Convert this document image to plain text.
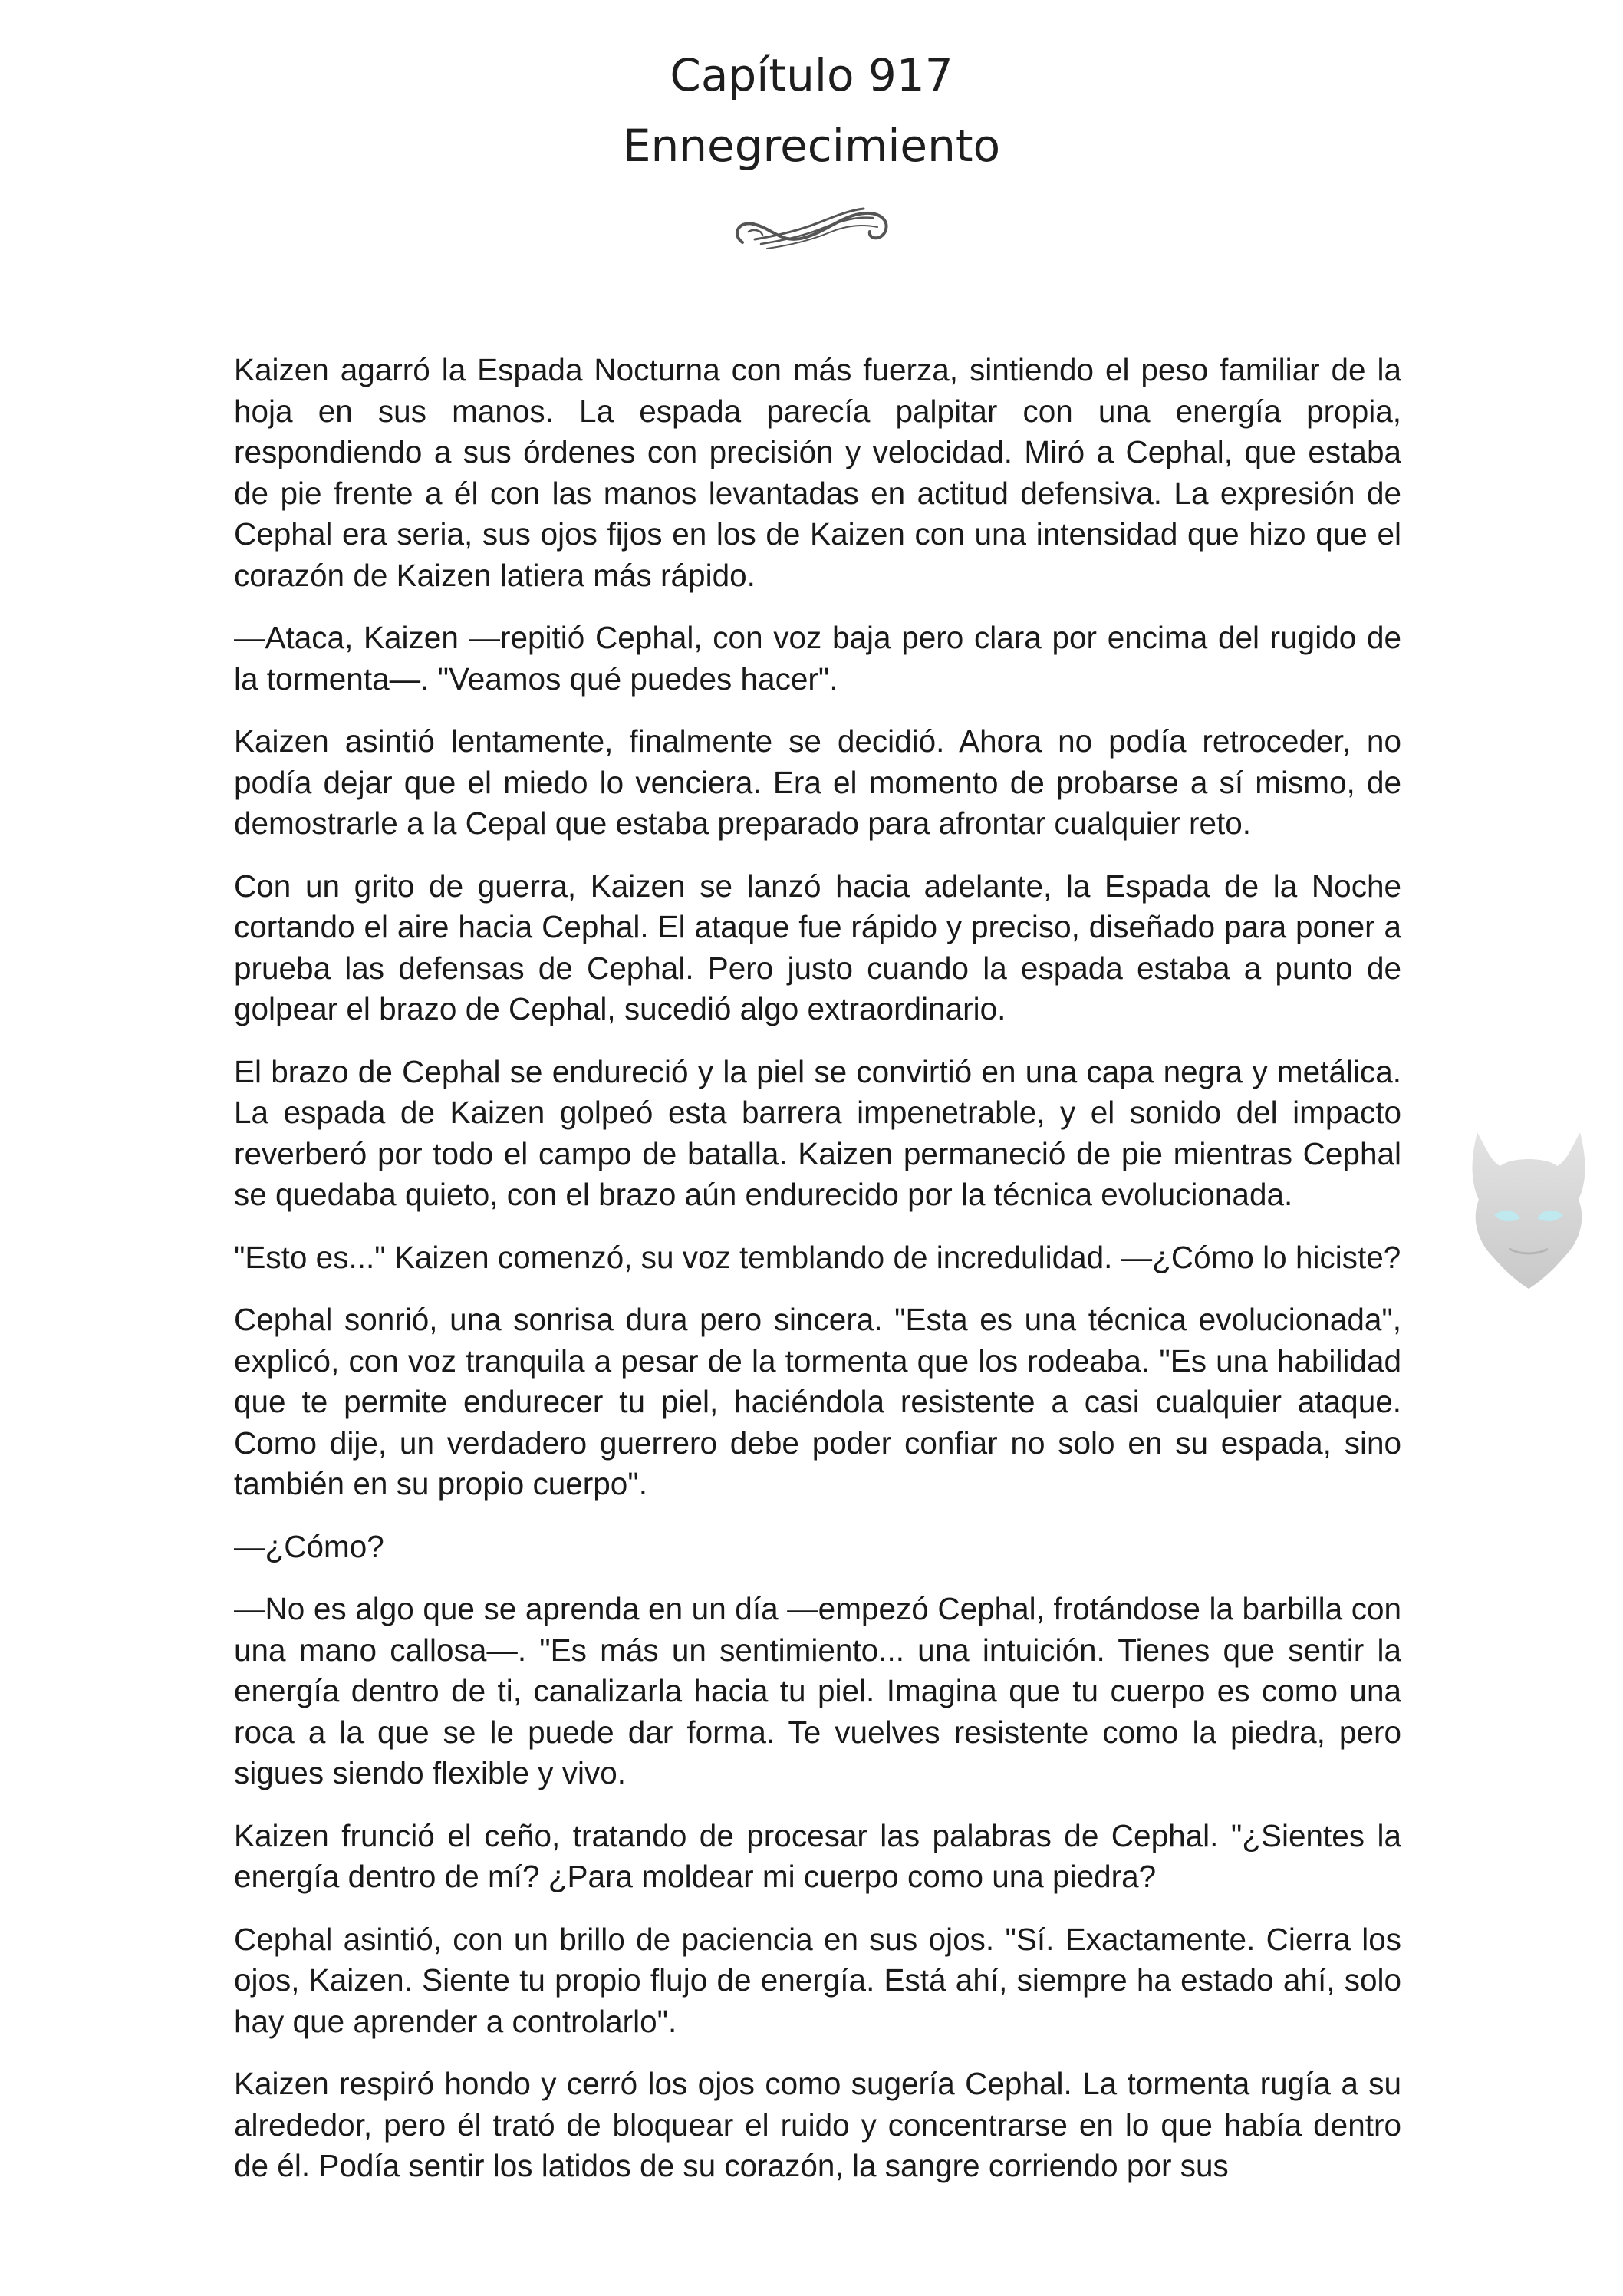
Capítulo 917
Ennegrecimiento

Kaizen agarró la Espada Nocturna con más fuerza, sintiendo el peso familiar de la hoja en sus manos. La espada parecía palpitar con una energía propia, respondiendo a sus órdenes con precisión y velocidad. Miró a Cephal, que estaba de pie frente a él con las manos levantadas en actitud defensiva. La expresión de Cephal era seria, sus ojos fijos en los de Kaizen con una intensidad que hizo que el corazón de Kaizen latiera más rápido.

—Ataca, Kaizen —repitió Cephal, con voz baja pero clara por encima del rugido de la tormenta—. "Veamos qué puedes hacer".

Kaizen asintió lentamente, finalmente se decidió. Ahora no podía retroceder, no podía dejar que el miedo lo venciera. Era el momento de probarse a sí mismo, de demostrarle a la Cepal que estaba preparado para afrontar cualquier reto.

Con un grito de guerra, Kaizen se lanzó hacia adelante, la Espada de la Noche cortando el aire hacia Cephal. El ataque fue rápido y preciso, diseñado para poner a prueba las defensas de Cephal. Pero justo cuando la espada estaba a punto de golpear el brazo de Cephal, sucedió algo extraordinario.

El brazo de Cephal se endureció y la piel se convirtió en una capa negra y metálica. La espada de Kaizen golpeó esta barrera impenetrable, y el sonido del impacto reverberó por todo el campo de batalla. Kaizen permaneció de pie mientras Cephal se quedaba quieto, con el brazo aún endurecido por la técnica evolucionada.

"Esto es..." Kaizen comenzó, su voz temblando de incredulidad. —¿Cómo lo hiciste?

Cephal sonrió, una sonrisa dura pero sincera. "Esta es una técnica evolucionada", explicó, con voz tranquila a pesar de la tormenta que los rodeaba. "Es una habilidad que te permite endurecer tu piel, haciéndola resistente a casi cualquier ataque. Como dije, un verdadero guerrero debe poder confiar no solo en su espada, sino también en su propio cuerpo".

—¿Cómo?

—No es algo que se aprenda en un día —empezó Cephal, frotándose la barbilla con una mano callosa—. "Es más un sentimiento... una intuición. Tienes que sentir la energía dentro de ti, canalizarla hacia tu piel. Imagina que tu cuerpo es como una roca a la que se le puede dar forma. Te vuelves resistente como la piedra, pero sigues siendo flexible y vivo.

Kaizen frunció el ceño, tratando de procesar las palabras de Cephal. "¿Sientes la energía dentro de mí? ¿Para moldear mi cuerpo como una piedra?

Cephal asintió, con un brillo de paciencia en sus ojos. "Sí. Exactamente. Cierra los ojos, Kaizen. Siente tu propio flujo de energía. Está ahí, siempre ha estado ahí, solo hay que aprender a controlarlo".

Kaizen respiró hondo y cerró los ojos como sugería Cephal. La tormenta rugía a su alrededor, pero él trató de bloquear el ruido y concentrarse en lo que había dentro de él. Podía sentir los latidos de su corazón, la sangre corriendo por sus
